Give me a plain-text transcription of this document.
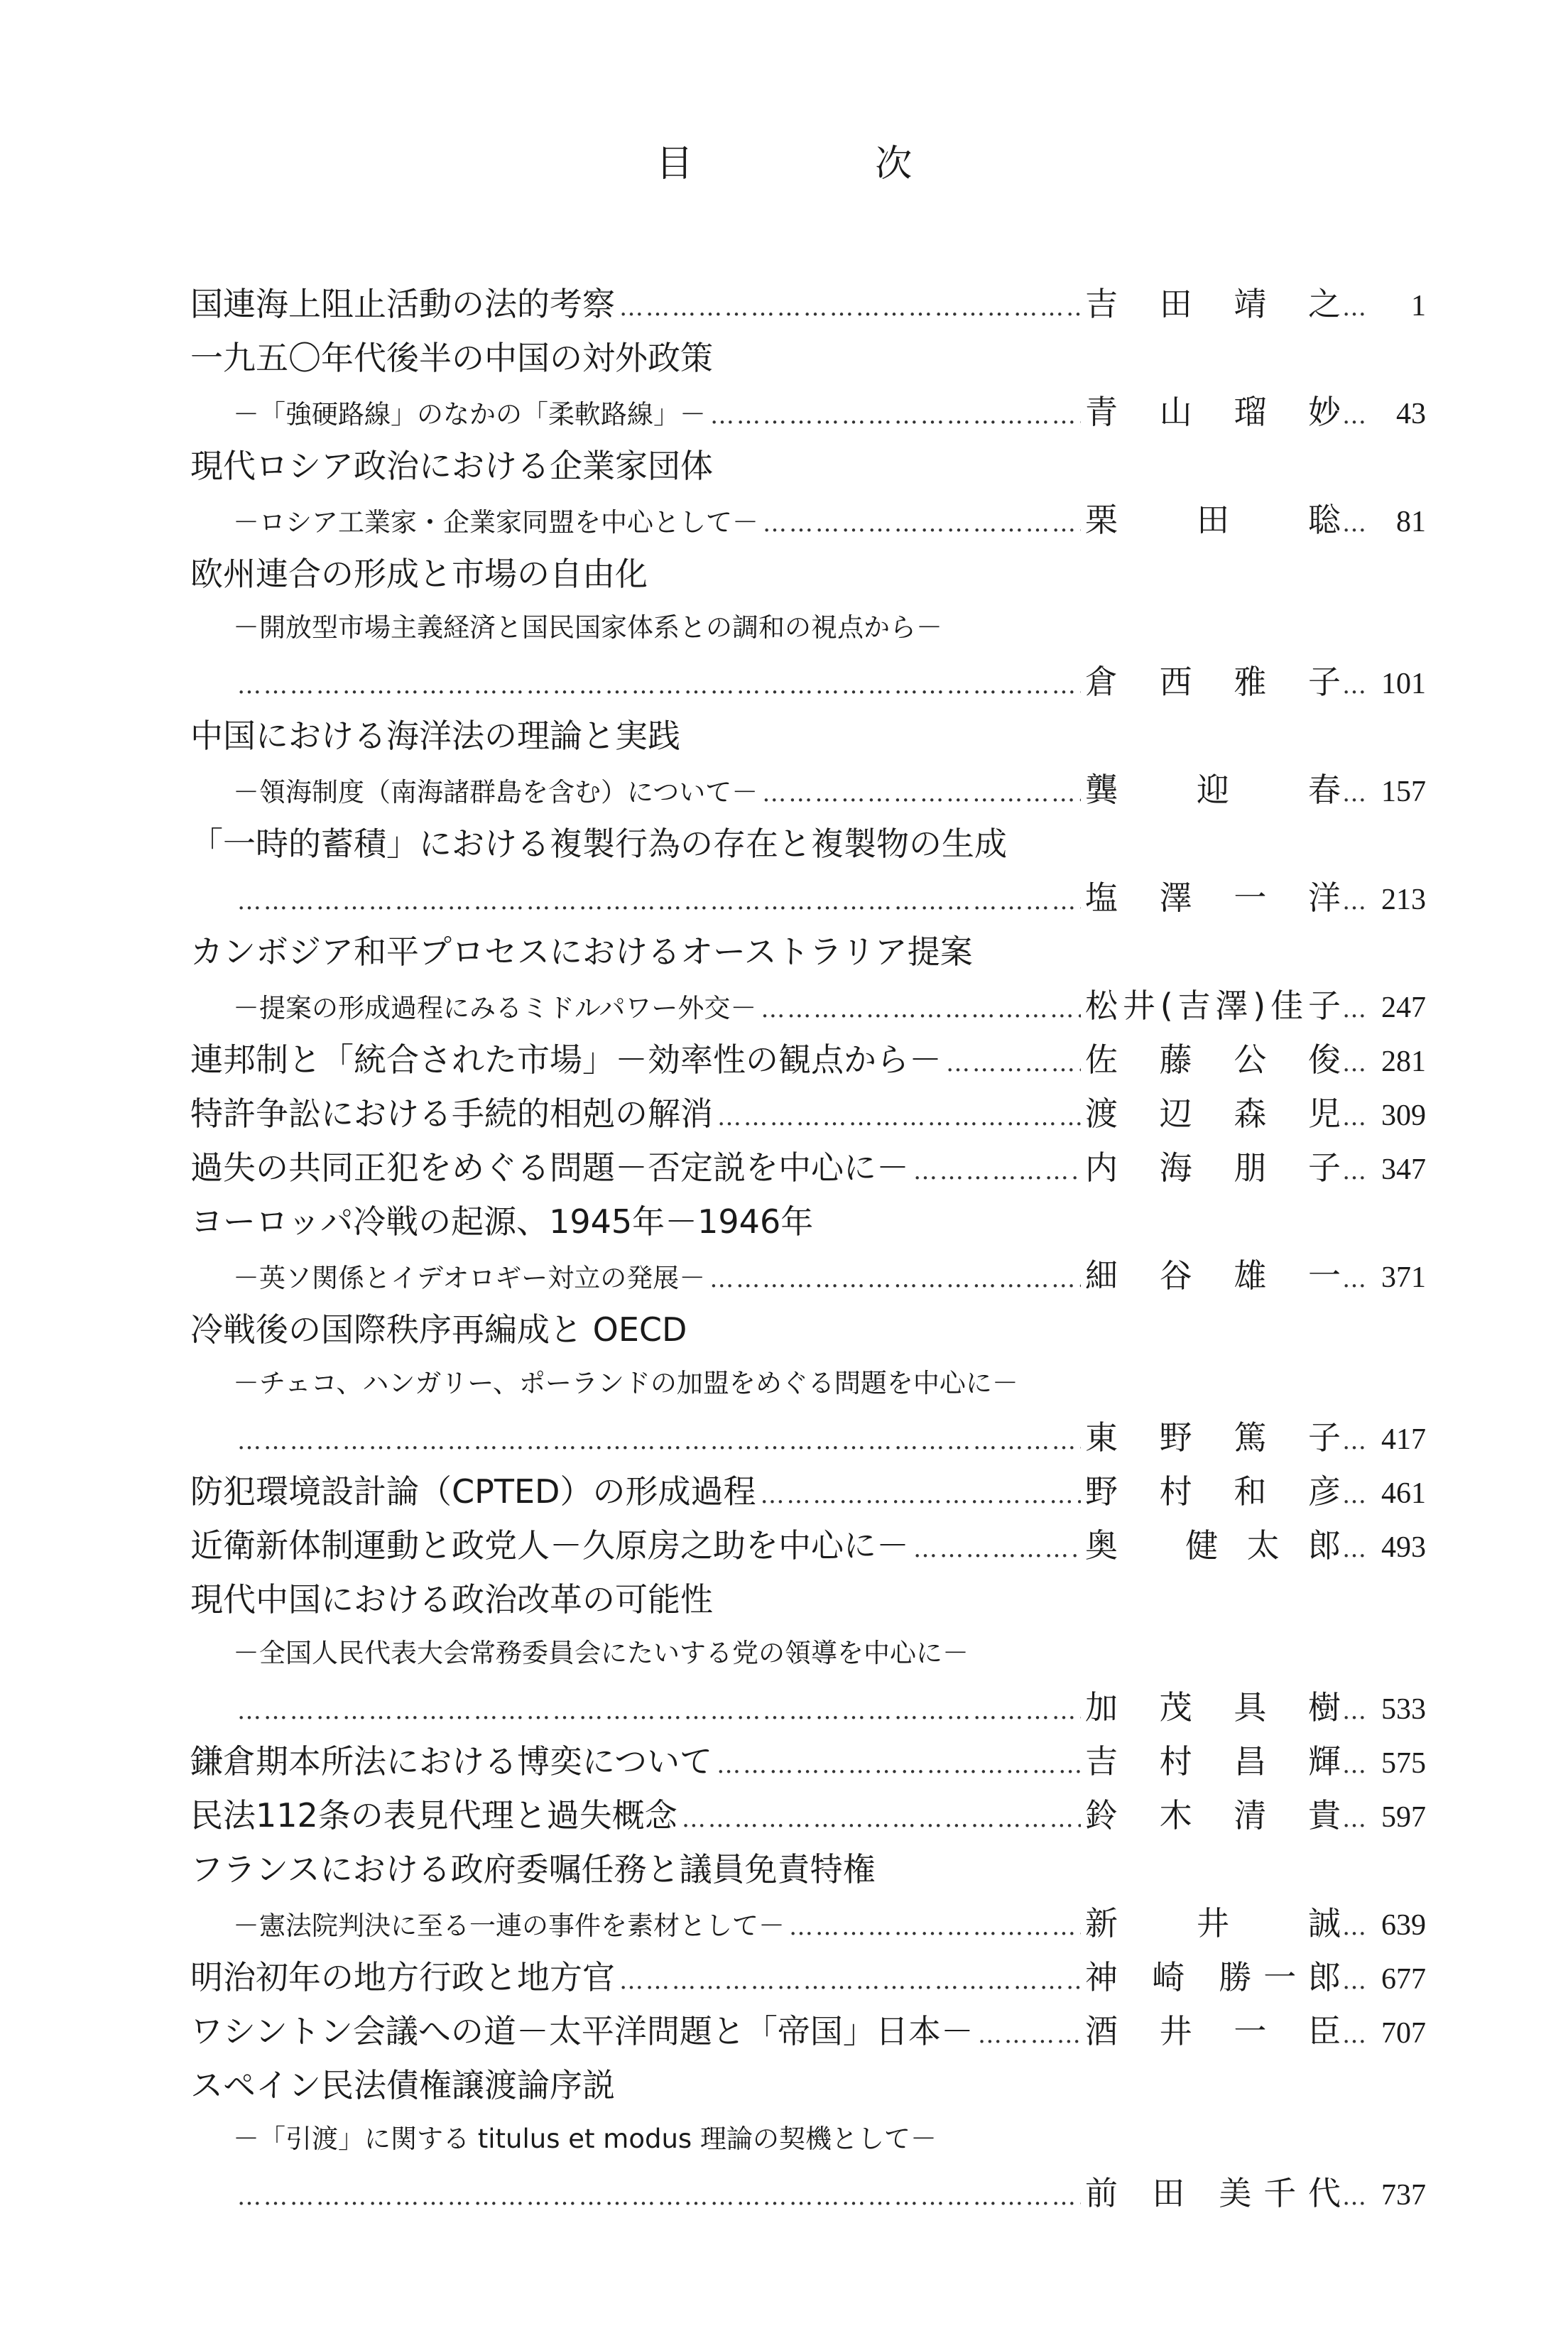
目 次
国連海上阻止活動の法的考察 ……………………………………………………………………………………………………………………………………………………………………………………………………	吉 田 靖 之 …	1
一九五〇年代後半の中国の対外政策
－「強硬路線」のなかの「柔軟路線」－ ……………………………………………………………………………………………………………………………………………………………………………………………………	青 山 瑠 妙 …	43
現代ロシア政治における企業家団体
－ロシア工業家・企業家同盟を中心として－ ……………………………………………………………………………………………………………………………………………………………………………………………………	栗 田 聡 …	81
欧州連合の形成と市場の自由化
－開放型市場主義経済と国民国家体系との調和の視点から－
……………………………………………………………………………………………………………………………………………………………………………………………………
倉 西 雅 子 … 101
中国における海洋法の理論と実践
－領海制度（南海諸群島を含む）について－ ……………………………………………………………………………………………………………………………………………………………………………………………………	龔 迎 春 … 157
「一時的蓄積」における複製行為の存在と複製物の生成
……………………………………………………………………………………………………………………………………………………………………………………………………
塩 澤 一 洋 … 213
カンボジア和平プロセスにおけるオーストラリア提案
－提案の形成過程にみるミドルパワー外交－ ……………………………………………………………………………………………………………………………………………………………………………………………………	松井(吉澤)佳子 … 247
連邦制と「統合された市場」－効率性の観点から－ ……………………………………………………………………………………………………………………………………………………………………………………………………	佐 藤 公 俊 … 281
特許争訟における手続的相剋の解消 ……………………………………………………………………………………………………………………………………………………………………………………………………	渡 辺 森 児 … 309
過失の共同正犯をめぐる問題－否定説を中心に－ ……………………………………………………………………………………………………………………………………………………………………………………………………	内 海 朋 子 … 347
ヨーロッパ冷戦の起源、1945年－1946年
－英ソ関係とイデオロギー対立の発展－ ……………………………………………………………………………………………………………………………………………………………………………………………………	細 谷 雄 一 … 371
冷戦後の国際秩序再編成と OECD
－チェコ、ハンガリー、ポーランドの加盟をめぐる問題を中心に－
……………………………………………………………………………………………………………………………………………………………………………………………………
東 野 篤 子 … 417
防犯環境設計論（CPTED）の形成過程 ……………………………………………………………………………………………………………………………………………………………………………………………………	野 村 和 彦 … 461
近衛新体制運動と政党人－久原房之助を中心に－ ……………………………………………………………………………………………………………………………………………………………………………………………………	奥 健太郎 … 493
現代中国における政治改革の可能性
－全国人民代表大会常務委員会にたいする党の領導を中心に－
……………………………………………………………………………………………………………………………………………………………………………………………………
加 茂 具 樹 … 533
鎌倉期本所法における博奕について ……………………………………………………………………………………………………………………………………………………………………………………………………	吉 村 昌 輝 … 575
民法112条の表見代理と過失概念 ……………………………………………………………………………………………………………………………………………………………………………………………………	鈴 木 清 貴 … 597
フランスにおける政府委嘱任務と議員免責特権
－憲法院判決に至る一連の事件を素材として－ ……………………………………………………………………………………………………………………………………………………………………………………………………	新 井 誠 … 639
明治初年の地方行政と地方官 ……………………………………………………………………………………………………………………………………………………………………………………………………	神 崎 勝一郎 … 677
ワシントン会議への道－太平洋問題と「帝国」日本－ ……………………………………………………………………………………………………………………………………………………………………………………………………	酒 井 一 臣 … 707
スペイン民法債権譲渡論序説
－「引渡」に関する titulus et modus 理論の契機として－
……………………………………………………………………………………………………………………………………………………………………………………………………
前 田 美千代 … 737
